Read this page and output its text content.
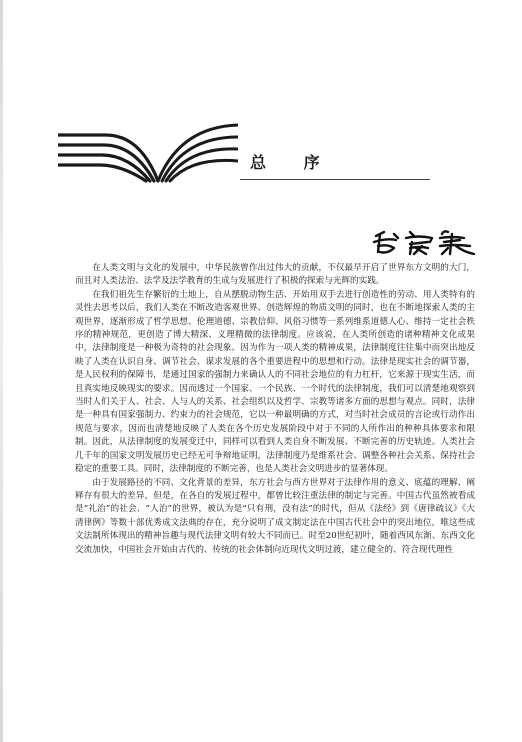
总 序

在人类文明与文化的发展中，中华民族曾作出过伟大的贡献，不仅最早开启了世界东方文明的大门，而且对人类法治、法学及法学教育的生成与发展进行了积极的探索与光辉的实践。

在我们祖先生存繁衍的土地上，自从摆脱动物生活、开始用双手去进行创造性的劳动、用人类特有的灵性去思考以后，我们人类在不断改造客观世界、创造辉煌的物质文明的同时，也在不断地探索人类的主观世界，逐渐形成了哲学思想、伦理道德、宗教信仰、风俗习惯等一系列维系道德人心、维持一定社会秩序的精神规范，更创造了博大精深、义理精微的法律制度。应该说，在人类所创造的诸种精神文化成果中，法律制度是一种极为奇特的社会现象。因为作为一项人类的精神成果，法律制度往往集中而突出地反映了人类在认识自身、调节社会、谋求发展的各个重要进程中的思想和行动。法律是现实社会的调节器，是人民权利的保障书，是通过国家的强制力来确认人的不同社会地位的有力杠杆，它来源于现实生活，而且真实地反映现实的要求。因而透过一个国家、一个民族、一个时代的法律制度，我们可以清楚地观察到当时人们关于人、社会、人与人的关系、社会组织以及哲学、宗教等诸多方面的思想与观点。同时，法律是一种具有国家强制力、约束力的社会规范，它以一种最明确的方式，对当时社会成员的言论或行动作出规范与要求，因而也清楚地反映了人类在各个历史发展阶段中对于不同的人所作出的种种具体要求和限制。因此，从法律制度的发展变迁中，同样可以看到人类自身不断发展、不断完善的历史轨迹。人类社会几千年的国家文明发展历史已经无可争辩地证明，法律制度乃是维系社会、调整各种社会关系、保持社会稳定的重要工具。同时，法律制度的不断完善，也是人类社会文明进步的显著体现。

由于发展路径的不同、文化背景的差异，东方社会与西方世界对于法律作用的意义、底蕴的理解、阐释存有很大的差异，但是，在各自的发展过程中，都曾比较注重法律的制定与完善。中国古代虽然被看成是“礼治”的社会、“人治”的世界，被认为是“只有刑，没有法”的时代，但从《法经》到《唐律疏议》《大清律例》等数十部优秀成文法典的存在，充分说明了成文制定法在中国古代社会中的突出地位，唯这些成文法制所体现出的精神旨趣与现代法律文明有较大不同而已。时至20世纪初叶，随着西风东渐、东西文化交流加快，中国社会开始由古代的、传统的社会体制向近现代文明过渡，建立健全的、符合现代理性
